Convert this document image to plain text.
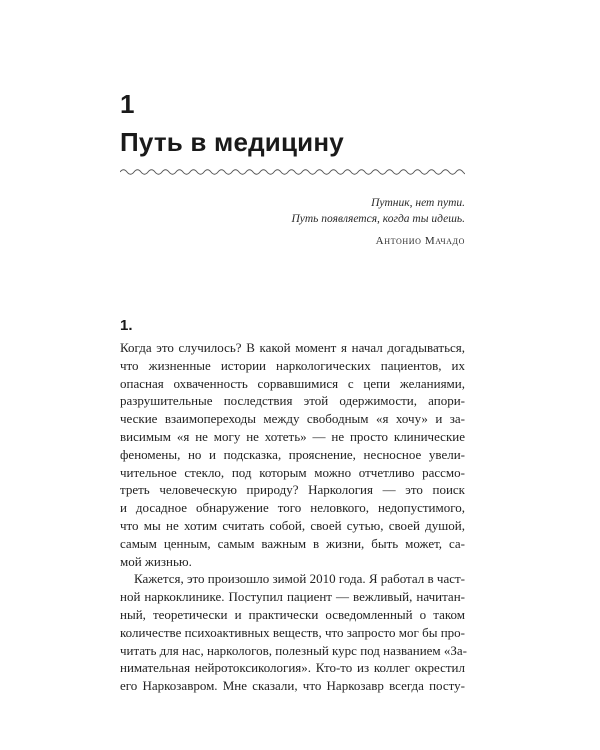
1
Путь в медицину
Путник, нет пути.
Путь появляется, когда ты идешь.
Антонио Мачадо
1.
Когда это случилось? В какой момент я начал догадываться,
что жизненные истории наркологических пациентов, их
опасная охваченность сорвавшимися с цепи желаниями,
разрушительные последствия этой одержимости, апори-
ческие взаимопереходы между свободным «я хочу» и за-
висимым «я не могу не хотеть» — не просто клинические
феномены, но и подсказка, прояснение, несносное увели-
чительное стекло, под которым можно отчетливо рассмо-
треть человеческую природу? Наркология — это поиск
и досадное обнаружение того неловкого, недопустимого,
что мы не хотим считать собой, своей сутью, своей душой,
самым ценным, самым важным в жизни, быть может, са-
мой жизнью.
Кажется, это произошло зимой 2010 года. Я работал в част-
ной наркоклинике. Поступил пациент — вежливый, начитан-
ный, теоретически и практически осведомленный о таком
количестве психоактивных веществ, что запросто мог бы про-
читать для нас, наркологов, полезный курс под названием «За-
нимательная нейротоксикология». Кто-то из коллег окрестил
его Наркозавром. Мне сказали, что Наркозавр всегда посту-
